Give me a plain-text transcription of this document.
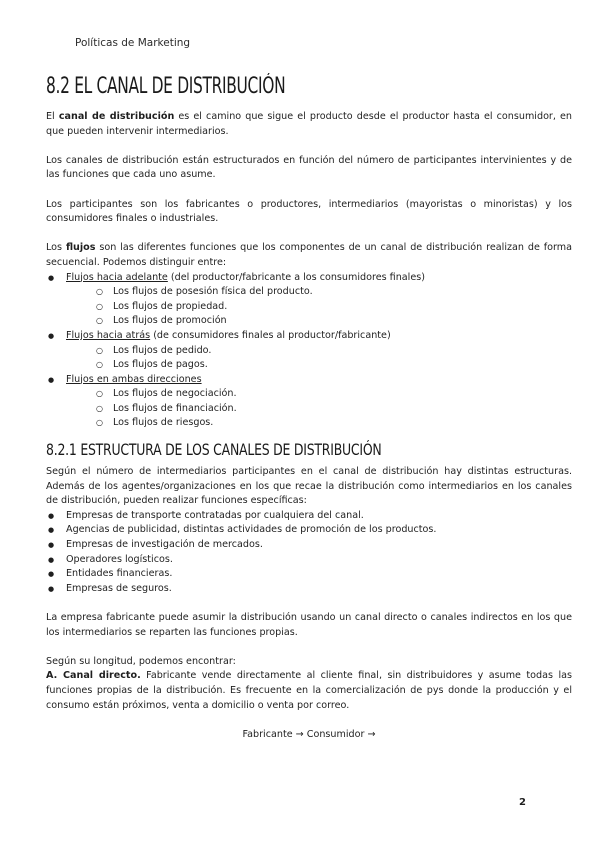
Políticas de Marketing
8.2 EL CANAL DE DISTRIBUCIÓN

El canal de distribución es el camino que sigue el producto desde el productor hasta el consumidor, en que pueden intervenir intermediarios.

Los canales de distribución están estructurados en función del número de participantes intervinientes y de las funciones que cada uno asume.

Los participantes son los fabricantes o productores, intermediarios (mayoristas o minoristas) y los consumidores finales o industriales.

Los flujos son las diferentes funciones que los componentes de un canal de distribución realizan de forma secuencial. Podemos distinguir entre:

● Flujos hacia adelante (del productor/fabricante a los consumidores finales)
○ Los flujos de posesión física del producto.
○ Los flujos de propiedad.
○ Los flujos de promoción
● Flujos hacia atrás (de consumidores finales al productor/fabricante)
○ Los flujos de pedido.
○ Los flujos de pagos.
● Flujos en ambas direcciones
○ Los flujos de negociación.
○ Los flujos de financiación.
○ Los flujos de riesgos.
8.2.1 ESTRUCTURA DE LOS CANALES DE DISTRIBUCIÓN

Según el número de intermediarios participantes en el canal de distribución hay distintas estructuras. Además de los agentes/organizaciones en los que recae la distribución como intermediarios en los canales de distribución, pueden realizar funciones específicas:

● Empresas de transporte contratadas por cualquiera del canal.
● Agencias de publicidad, distintas actividades de promoción de los productos.
● Empresas de investigación de mercados.
● Operadores logísticos.
● Entidades financieras.
● Empresas de seguros.

La empresa fabricante puede asumir la distribución usando un canal directo o canales indirectos en los que los intermediarios se reparten las funciones propias.

Según su longitud, podemos encontrar:

A. Canal directo. Fabricante vende directamente al cliente final, sin distribuidores y asume todas las funciones propias de la distribución. Es frecuente en la comercialización de pys donde la producción y el consumo están próximos, venta a domicilio o venta por correo.

Fabricante → Consumidor →

2
